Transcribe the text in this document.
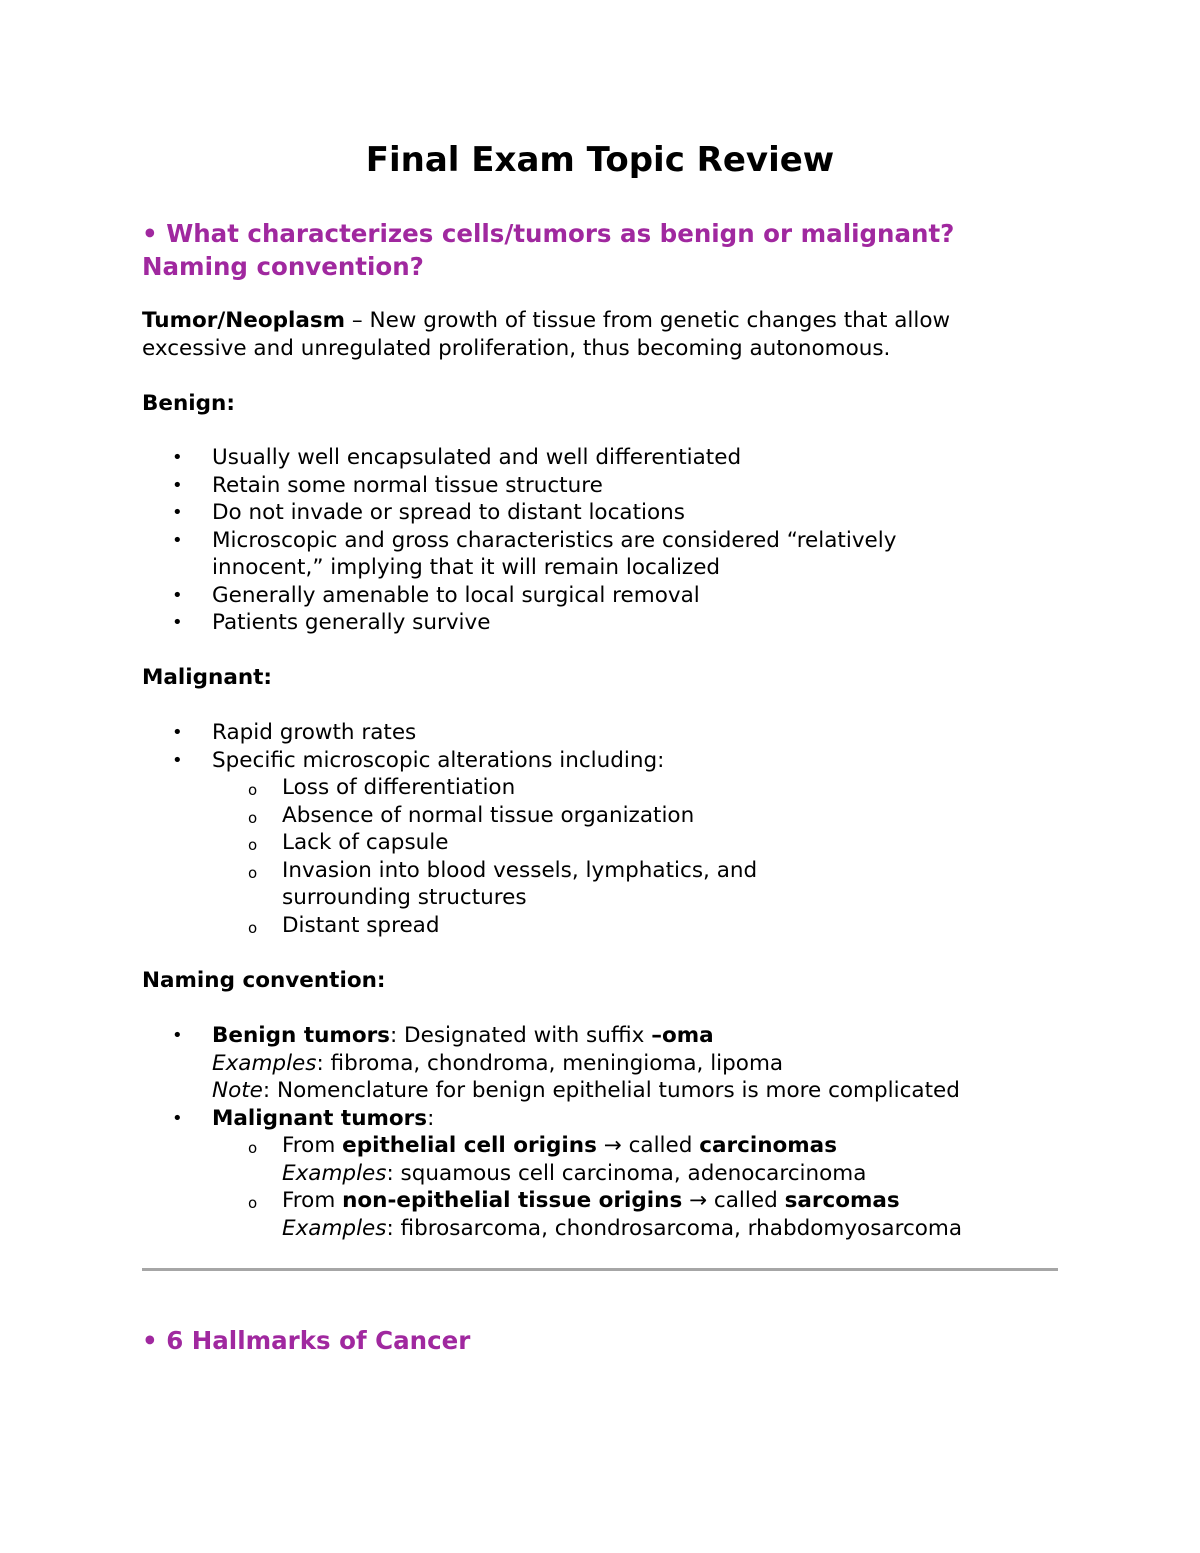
Final Exam Topic Review
• What characterizes cells/tumors as benign or malignant? Naming convention?

Tumor/Neoplasm – New growth of tissue from genetic changes that allow excessive and unregulated proliferation, thus becoming autonomous.

Benign:

• Usually well encapsulated and well differentiated
• Retain some normal tissue structure
• Do not invade or spread to distant locations
• Microscopic and gross characteristics are considered “relatively innocent,” implying that it will remain localized
• Generally amenable to local surgical removal
• Patients generally survive

Malignant:

• Rapid growth rates
• Specific microscopic alterations including:
o Loss of differentiation
o Absence of normal tissue organization
o Lack of capsule
o Invasion into blood vessels, lymphatics, and surrounding structures
o Distant spread

Naming convention:

• Benign tumors: Designated with suffix –oma
Examples: fibroma, chondroma, meningioma, lipoma
Note: Nomenclature for benign epithelial tumors is more complicated
• Malignant tumors:
o From epithelial cell origins → called carcinomas
Examples: squamous cell carcinoma, adenocarcinoma
o From non-epithelial tissue origins → called sarcomas
Examples: fibrosarcoma, chondrosarcoma, rhabdomyosarcoma
• 6 Hallmarks of Cancer
